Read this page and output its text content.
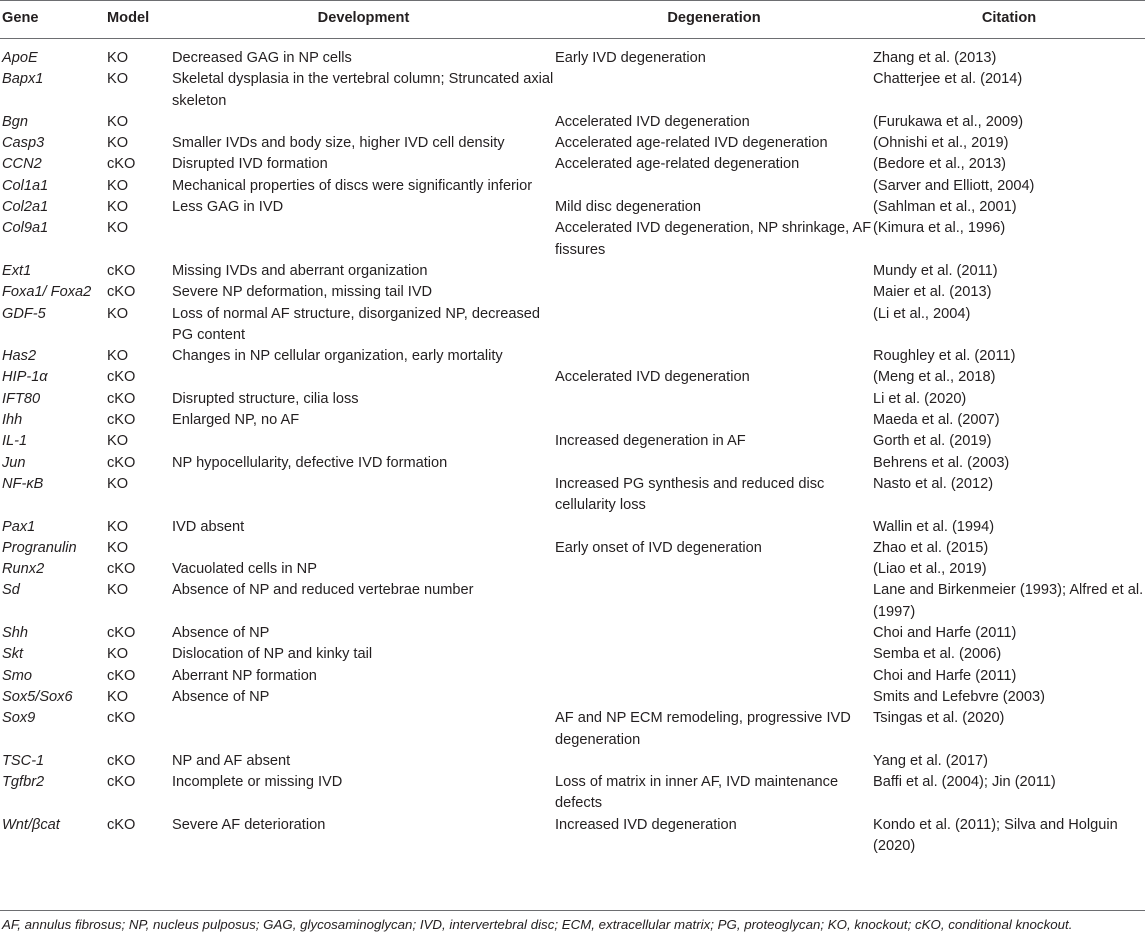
Gene	Model	Development	Degeneration	Citation
ApoE	KO	Decreased GAG in NP cells	Early IVD degeneration	Zhang et al. (2013)
Bapx1	KO	Skeletal dysplasia in the vertebral column; Struncated axial skeleton		Chatterjee et al. (2014)
Bgn	KO		Accelerated IVD degeneration	(Furukawa et al., 2009)
Casp3	KO	Smaller IVDs and body size, higher IVD cell density	Accelerated age-related IVD degeneration	(Ohnishi et al., 2019)
CCN2	cKO	Disrupted IVD formation	Accelerated age-related degeneration	(Bedore et al., 2013)
Col1a1	KO	Mechanical properties of discs were significantly inferior		(Sarver and Elliott, 2004)
Col2a1	KO	Less GAG in IVD	Mild disc degeneration	(Sahlman et al., 2001)
Col9a1	KO		Accelerated IVD degeneration, NP shrinkage, AF fissures	(Kimura et al., 1996)
Ext1	cKO	Missing IVDs and aberrant organization		Mundy et al. (2011)
Foxa1/ Foxa2	cKO	Severe NP deformation, missing tail IVD		Maier et al. (2013)
GDF-5	KO	Loss of normal AF structure, disorganized NP, decreased PG content		(Li et al., 2004)
Has2	KO	Changes in NP cellular organization, early mortality		Roughley et al. (2011)
HIP-1α	cKO		Accelerated IVD degeneration	(Meng et al., 2018)
IFT80	cKO	Disrupted structure, cilia loss		Li et al. (2020)
Ihh	cKO	Enlarged NP, no AF		Maeda et al. (2007)
IL-1	KO		Increased degeneration in AF	Gorth et al. (2019)
Jun	cKO	NP hypocellularity, defective IVD formation		Behrens et al. (2003)
NF-κB	KO		Increased PG synthesis and reduced disc cellularity loss	Nasto et al. (2012)
Pax1	KO	IVD absent		Wallin et al. (1994)
Progranulin	KO		Early onset of IVD degeneration	Zhao et al. (2015)
Runx2	cKO	Vacuolated cells in NP		(Liao et al., 2019)
Sd	KO	Absence of NP and reduced vertebrae number		Lane and Birkenmeier (1993); Alfred et al. (1997)
Shh	cKO	Absence of NP		Choi and Harfe (2011)
Skt	KO	Dislocation of NP and kinky tail		Semba et al. (2006)
Smo	cKO	Aberrant NP formation		Choi and Harfe (2011)
Sox5/Sox6	KO	Absence of NP		Smits and Lefebvre (2003)
Sox9	cKO		AF and NP ECM remodeling, progressive IVD degeneration	Tsingas et al. (2020)
TSC-1	cKO	NP and AF absent		Yang et al. (2017)
Tgfbr2	cKO	Incomplete or missing IVD	Loss of matrix in inner AF, IVD maintenance defects	Baffi et al. (2004); Jin (2011)
Wnt/βcat	cKO	Severe AF deterioration	Increased IVD degeneration	Kondo et al. (2011); Silva and Holguin (2020)
AF, annulus fibrosus; NP, nucleus pulposus; GAG, glycosaminoglycan; IVD, intervertebral disc; ECM, extracellular matrix; PG, proteoglycan; KO, knockout; cKO, conditional knockout.
